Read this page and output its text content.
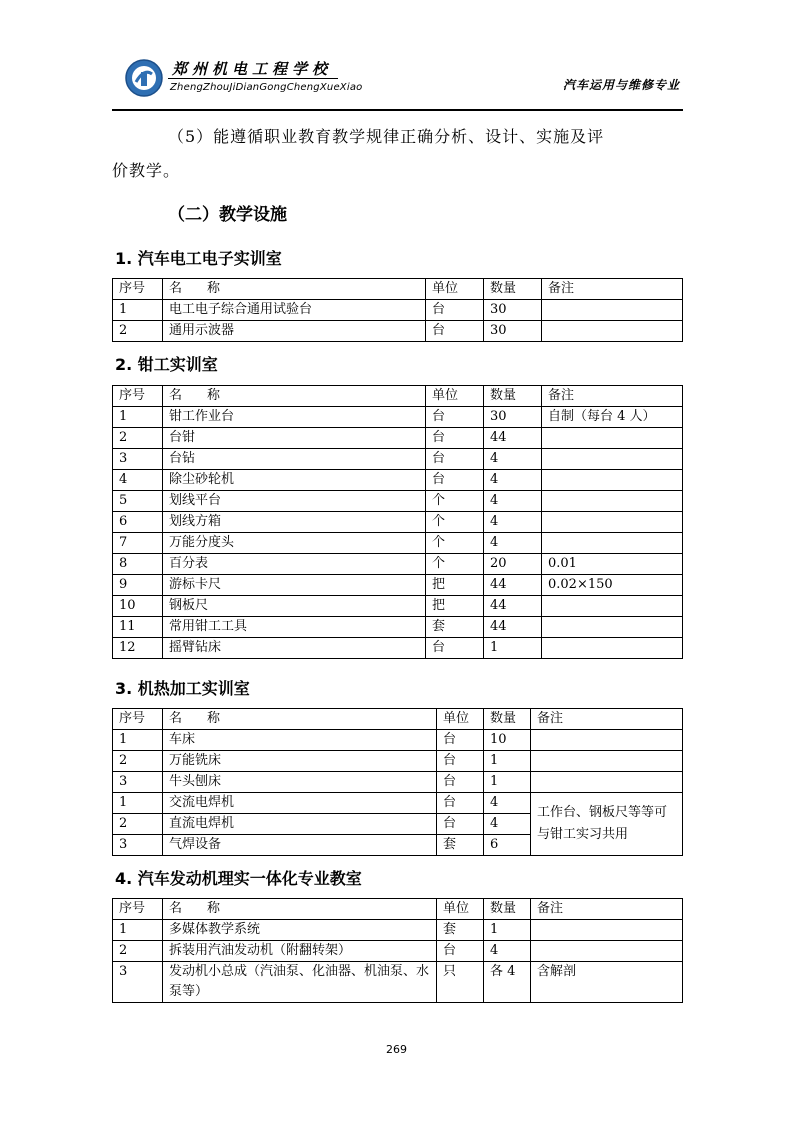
郑州机电工程学校
ZhengZhouJiDianGongChengXueXiao	汽车运用与维修专业
（5）能遵循职业教育教学规律正确分析、设计、实施及评
价教学。
（二）教学设施
1. 汽车电工电子实训室
序号	名　称	单位	数量	备注
1	电工电子综合通用试验台	台	30	
2	通用示波器	台	30	
2. 钳工实训室
序号	名　称	单位	数量	备注
1	钳工作业台	台	30	自制（每台 4 人）
2	台钳	台	44	
3	台钻	台	4	
4	除尘砂轮机	台	4	
5	划线平台	个	4	
6	划线方箱	个	4	
7	万能分度头	个	4	
8	百分表	个	20	0.01
9	游标卡尺	把	44	0.02×150
10	钢板尺	把	44	
11	常用钳工工具	套	44	
12	摇臂钻床	台	1	
3. 机热加工实训室
序号	名　称	单位	数量	备注
1	车床	台	10	
2	万能铣床	台	1	
3	牛头刨床	台	1	
1	交流电焊机	台	4	工作台、钢板尺等等可与钳工实习共用
2	直流电焊机	台	4	
3	气焊设备	套	6	
4. 汽车发动机理实一体化专业教室
序号	名　称	单位	数量	备注
1	多媒体教学系统	套	1	
2	拆装用汽油发动机（附翻转架）	台	4	
3	发动机小总成（汽油泵、化油器、机油泵、水泵等）	只	各 4	含解剖
269
